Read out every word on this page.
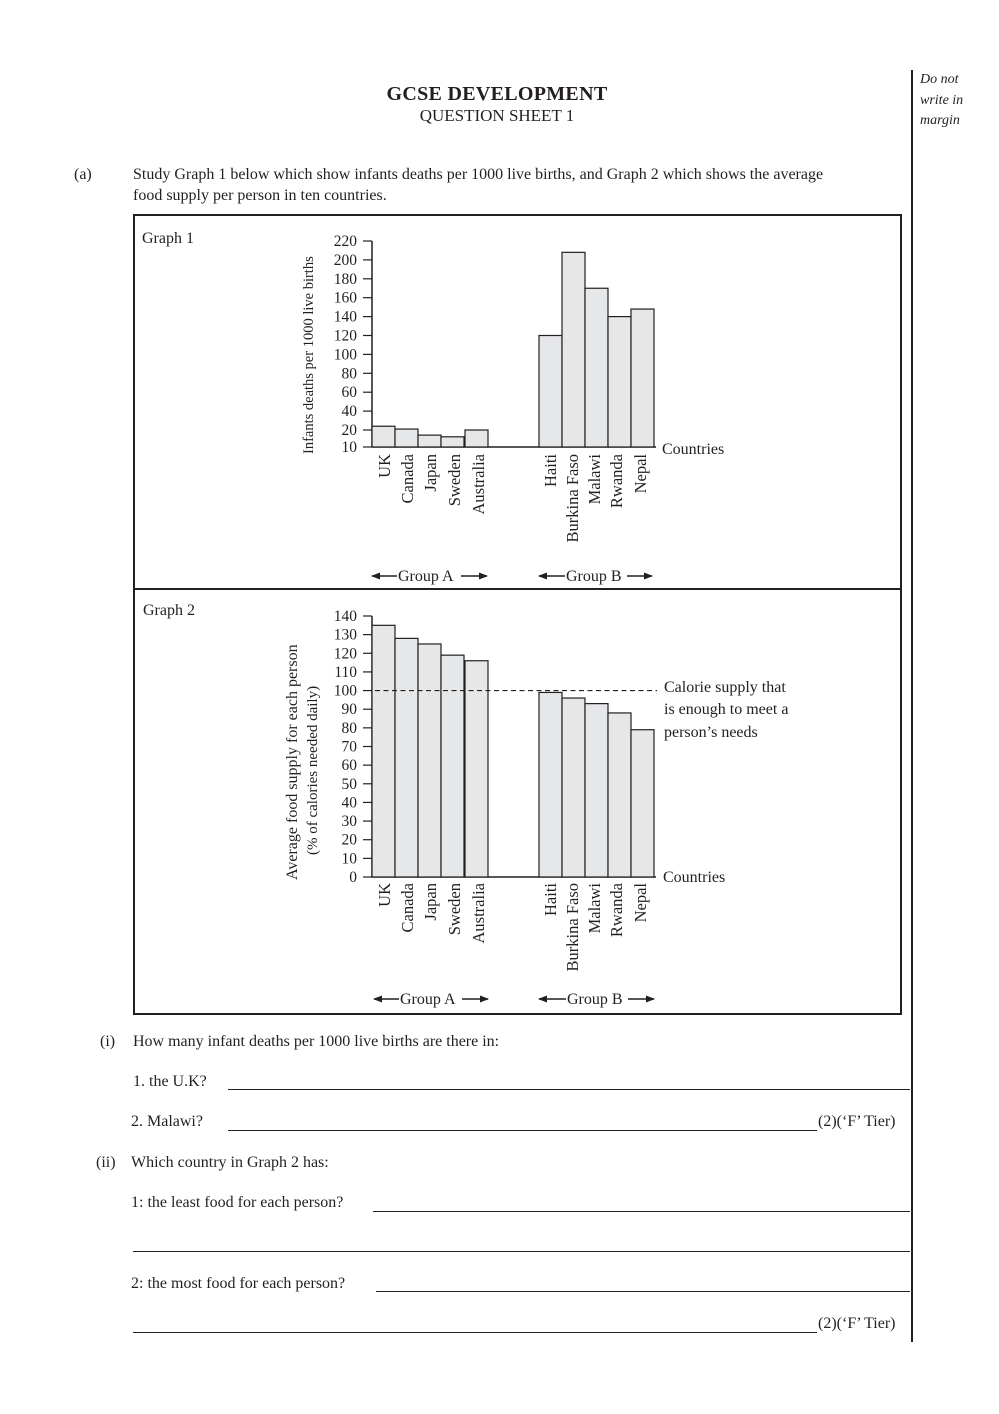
GCSE DEVELOPMENT
QUESTION SHEET 1
Do not
write in
margin
(a)	Study Graph 1 below which show infants deaths per 1000 live births, and Graph 2 which shows the average
food supply per person in ten countries.
Graph 1
Infants deaths per 1000 live births 10
20
40
60
80
100
120
140
160
180
200
220
UK Canada Japan Sweden Australia	Haiti Burkina Faso Malawi Rwanda Nepal
Countries
Group A	Group B
Graph 2
Average food supply for each person (% of calories needed daily)
0
10
20
30
40
50
60
70
80
90
100
110
120
130
140
Calorie supply that
is enough to meet a
person’s needs
UK Canada Japan Sweden Australia	Haiti Burkina Faso Malawi Rwanda Nepal
Countries
Group A	Group B
(i) How many infant deaths per 1000 live births are there in:
1. the U.K?
2. Malawi?	(2)(‘F’ Tier)
(ii) Which country in Graph 2 has:
1: the least food for each person?
2: the most food for each person?
(2)(‘F’ Tier)
